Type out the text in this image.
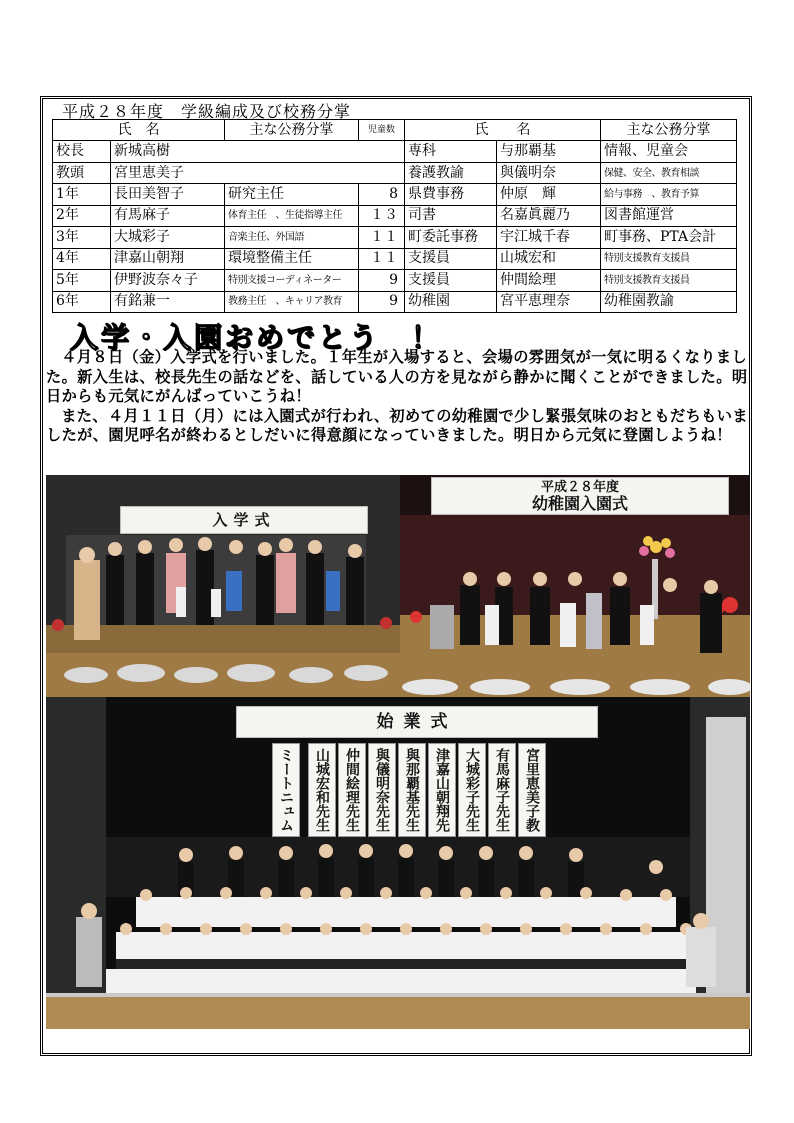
平成２８年度　学級編成及び校務分掌
氏　名		主な公務分掌	児童数	氏　　名		主な公務分掌
校長	新城高樹			専科	与那覇基	情報、児童会
教頭	宮里恵美子			養護教諭	與儀明奈	保健、安全、教育相談
1年	長田美智子	研究主任	8	県費事務	仲原　輝	給与事務　、教育予算
2年	有馬麻子	体育主任　、生徒指導主任	１３	司書	名嘉眞麗乃	図書館運営
3年	大城彩子	音楽主任、外国語	１１	町委託事務	宇江城千春	町事務、PTA会計
4年	津嘉山朝翔	環境整備主任	１１	支援員	山城宏和	特別支援教育支援員
5年	伊野波奈々子	特別支援コーディネーター	9	支援員	仲間絵理	特別支援教育支援員
6年	有銘兼一	教務主任　、キャリア教育	9	幼稚園	宮平恵理奈	幼稚園教諭
入学・入園おめでとう　！

４月８日（金）入学式を行いました。１年生が入場すると、会場の雰囲気が一気に明るくなりました。新入生は、校長先生の話などを、話している人の方を見ながら静かに聞くことができました。明日からも元気にがんばっていこうね！

また、４月１１日（月）には入園式が行われ、初めての幼稚園で少し緊張気味のおともだちもいましたが、園児呼名が終わるとしだいに得意顔になっていきました。明日から元気に登園しようね！

入学式
平成２８年度
幼稚園入園式
始業式
宮里恵美子教
有馬麻子先生
大城彩子先生
津嘉山朝翔先
與那覇基先生
與儀明奈先生
仲間絵理先生
山城宏和先生
ミートニュム
